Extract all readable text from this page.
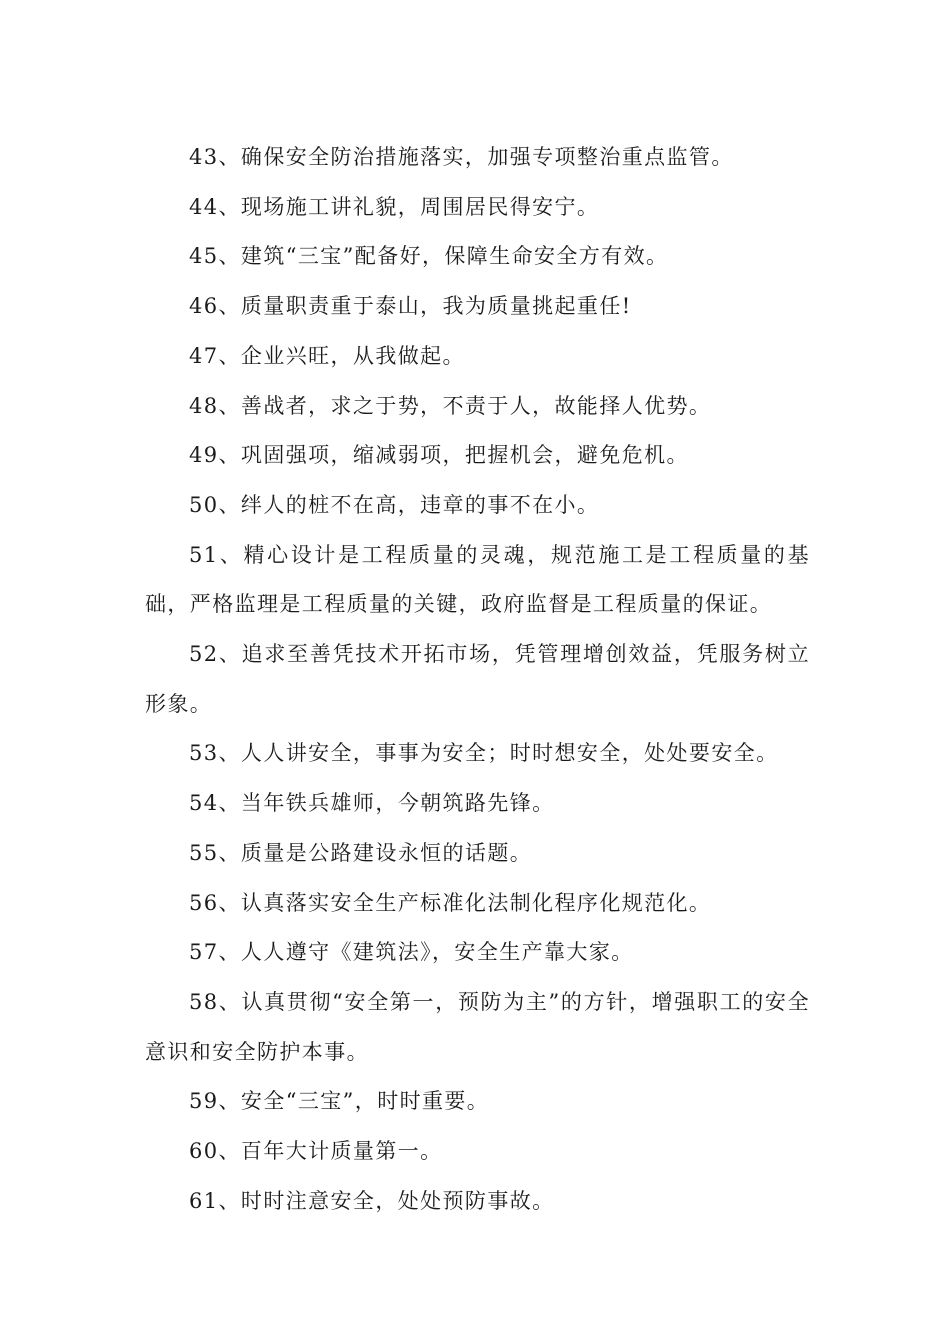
43、确保安全防治措施落实，加强专项整治重点监管。

44、现场施工讲礼貌，周围居民得安宁。

45、建筑“三宝”配备好，保障生命安全方有效。

46、质量职责重于泰山，我为质量挑起重任!

47、企业兴旺，从我做起。

48、善战者，求之于势，不责于人，故能择人优势。

49、巩固强项，缩减弱项，把握机会，避免危机。

50、绊人的桩不在高，违章的事不在小。

51、精心设计是工程质量的灵魂，规范施工是工程质量的基础，严格监理是工程质量的关键，政府监督是工程质量的保证。

52、追求至善凭技术开拓市场，凭管理增创效益，凭服务树立形象。

53、人人讲安全，事事为安全；时时想安全，处处要安全。

54、当年铁兵雄师，今朝筑路先锋。

55、质量是公路建设永恒的话题。

56、认真落实安全生产标准化法制化程序化规范化。

57、人人遵守《建筑法》，安全生产靠大家。

58、认真贯彻“安全第一，预防为主”的方针，增强职工的安全意识和安全防护本事。

59、安全“三宝”，时时重要。

60、百年大计质量第一。

61、时时注意安全，处处预防事故。
